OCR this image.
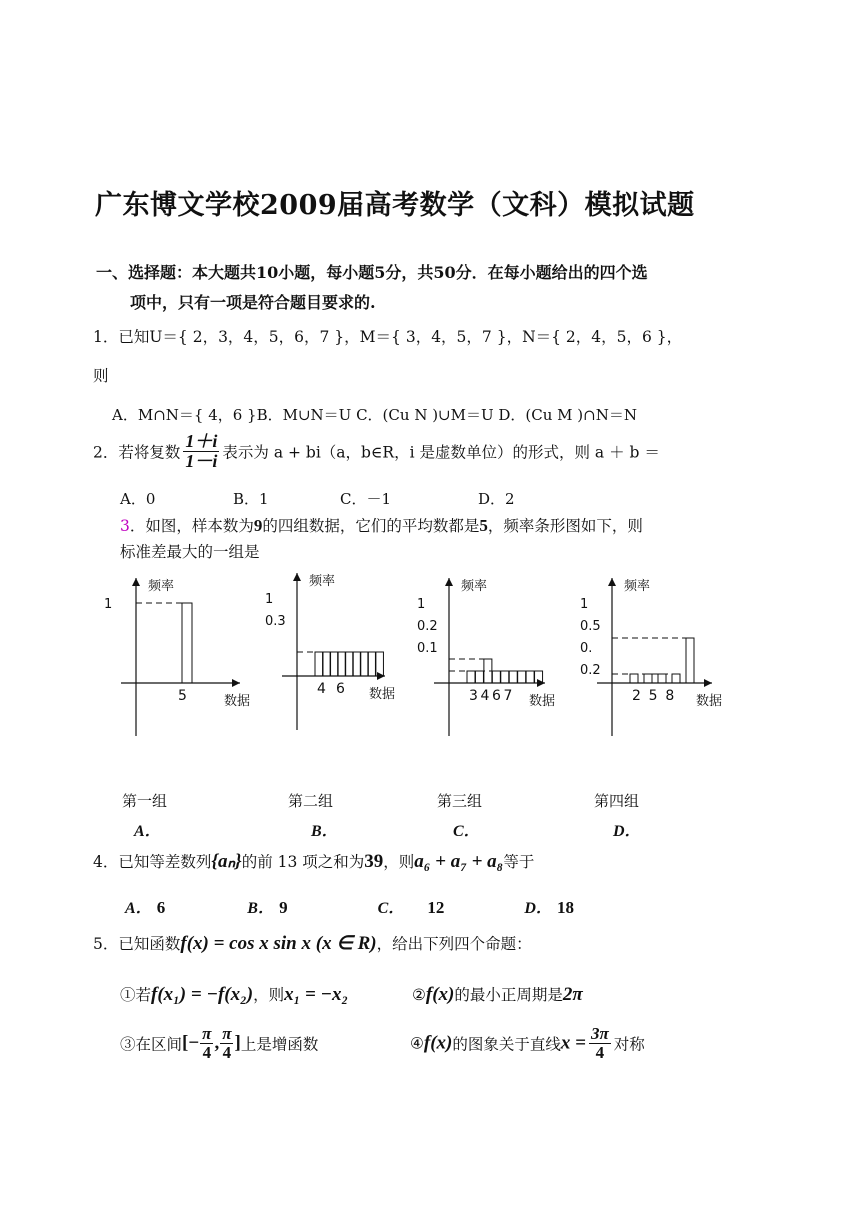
广东博文学校2009届高考数学（文科）模拟试题
一、选择题：本大题共10小题，每小题5分，共50分．在每小题给出的四个选
项中，只有一项是符合题目要求的.
1．已知U＝{ 2，3，4，5，6，7 }，M＝{ 3，4，5，7 }，N＝{ 2，4，5，6 }，
则
A．M∩N＝{ 4，6 }B．M∪N＝U C．(Cu N )∪M＝U D．(Cu M )∩N＝N
2．若将复数 $\frac{1+i}{1-i}$ 表示为 a + bi（a，b∈R，i 是虚数单位）的形式，则 a ＋ b ＝
A．0	B．1	C．－1	D．2
3．如图，样本数为9的四组数据，它们的平均数都是5，频率条形图如下，则
标准差最大的一组是
频率
数据
5
1
频率
数据
4 6
1
0.3
频率
数据
3 4 6 7
1
0.2
0.1
频率
数据
2 5 8
1
0.5
0.
0.2
第一组	第二组	第三组	第四组
A．	B．	C．	D．
4．已知等差数列{aₙ}的前 13 项之和为39，则a₆ + a₇ + a₈等于
A． 6	B． 9	C． 12	D． 18
5．已知函数f(x) = cos x sin x (x ∈ R)，给出下列四个命题：
①若f(x₁) = −f(x₂)，则x₁ = −x₂	②f(x)的最小正周期是2π
③在区间[− $\frac{\pi}{4}$ , $\frac{\pi}{4}$ ]上是增函数	④f(x)的图象关于直线$x = \frac{3\pi}{4}$ 对称
